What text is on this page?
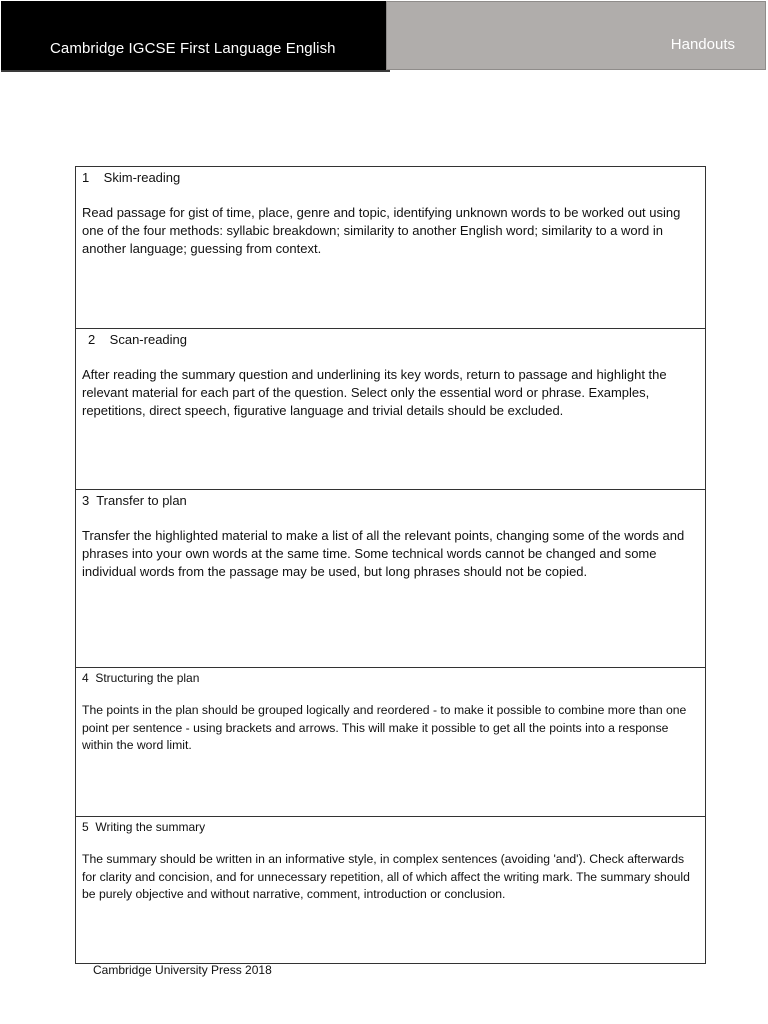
Cambridge IGCSE First Language English	Handouts
1    Skim-reading
Read passage for gist of time, place, genre and topic, identifying unknown words to be worked out using one of the four methods: syllabic breakdown; similarity to another English word; similarity to a word in another language; guessing from context.
2    Scan-reading
After reading the summary question and underlining its key words, return to passage and highlight the relevant material for each part of the question. Select only the essential word or phrase. Examples, repetitions, direct speech, figurative language and trivial details should be excluded.
3  Transfer to plan
Transfer the highlighted material to make a list of all the relevant points, changing some of the words and phrases into your own words at the same time. Some technical words cannot be changed and some individual words from the passage may be used, but long phrases should not be copied.
4  Structuring the plan
The points in the plan should be grouped logically and reordered - to make it possible to combine more than one point per sentence - using brackets and arrows. This will make it possible to get all the points into a response within the word limit.
5  Writing the summary
The summary should be written in an informative style, in complex sentences (avoiding 'and'). Check afterwards for clarity and concision, and for unnecessary repetition, all of which affect the writing mark. The summary should be purely objective and without narrative, comment, introduction or conclusion.
Cambridge University Press 2018
